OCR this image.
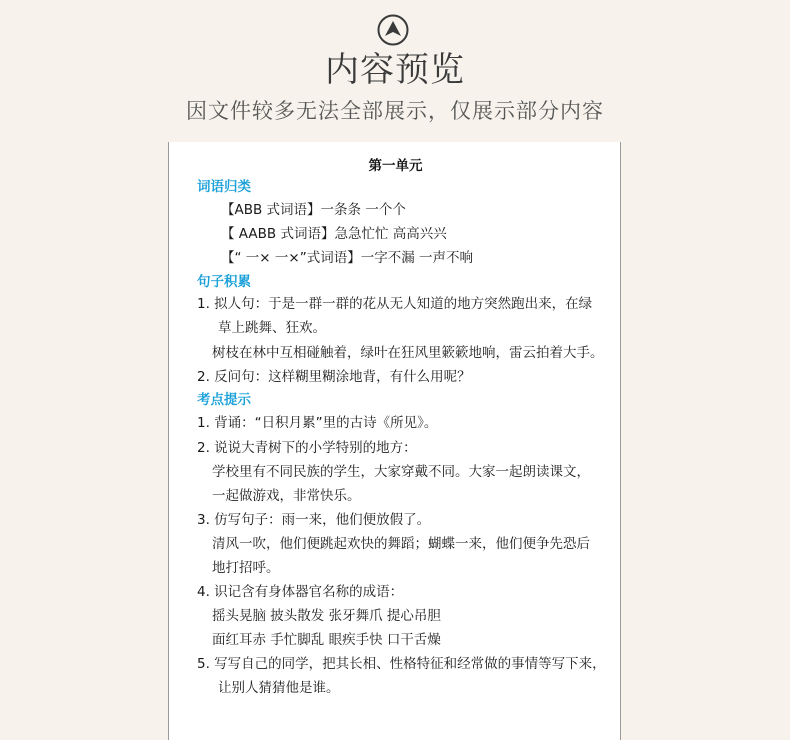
内容预览
因文件较多无法全部展示，仅展示部分内容
第一单元
词语归类
【ABB 式词语】一条条 一个个
【 AABB 式词语】急急忙忙 高高兴兴
【“ 一× 一×”式词语】一字不漏 一声不响
句子积累
1. 拟人句：于是一群一群的花从无人知道的地方突然跑出来，在绿
草上跳舞、狂欢。
树枝在林中互相碰触着，绿叶在狂风里簌簌地响，雷云拍着大手。
2. 反问句：这样糊里糊涂地背，有什么用呢？
考点提示
1. 背诵：“日积月累”里的古诗《所见》。
2. 说说大青树下的小学特别的地方：
学校里有不同民族的学生，大家穿戴不同。大家一起朗读课文，
一起做游戏，非常快乐。
3. 仿写句子：雨一来，他们便放假了。
清风一吹，他们便跳起欢快的舞蹈；蝴蝶一来，他们便争先恐后
地打招呼。
4. 识记含有身体器官名称的成语：
摇头晃脑 披头散发 张牙舞爪 提心吊胆
面红耳赤 手忙脚乱 眼疾手快 口干舌燥
5. 写写自己的同学，把其长相、性格特征和经常做的事情等写下来，
让别人猜猜他是谁。
